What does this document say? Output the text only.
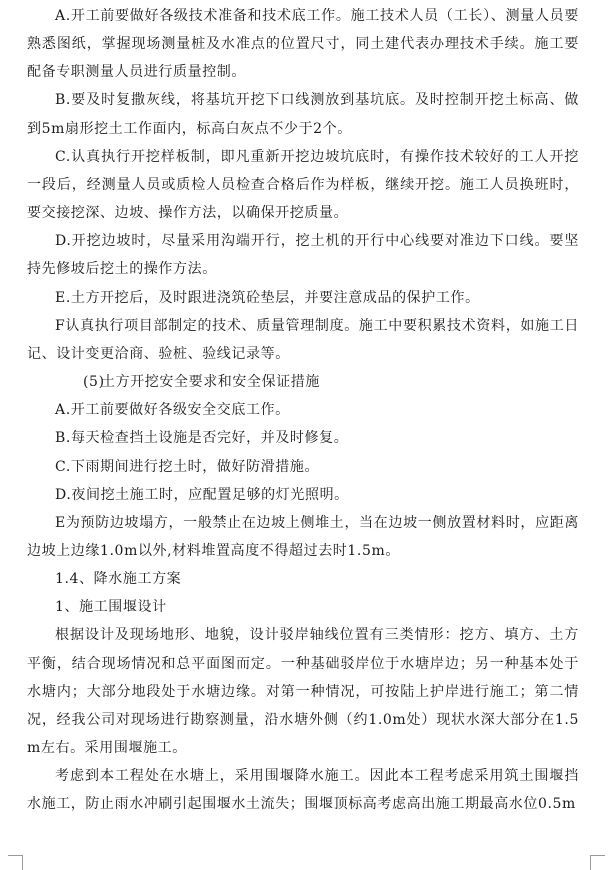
A.开工前要做好各级技术准备和技术底工作。施工技术人员（工长）、测量人员要熟悉图纸，掌握现场测量桩及水准点的位置尺寸，同土建代表办理技术手续。施工要配备专职测量人员进行质量控制。

B.要及时复撒灰线，将基坑开挖下口线测放到基坑底。及时控制开挖土标高、做到5m扇形挖土工作面内，标高白灰点不少于2个。

C.认真执行开挖样板制，即凡重新开挖边坡坑底时，有操作技术较好的工人开挖一段后，经测量人员或质检人员检查合格后作为样板，继续开挖。施工人员换班时，要交接挖深、边坡、操作方法，以确保开挖质量。

D.开挖边坡时，尽量采用沟端开行，挖土机的开行中心线要对准边下口线。要坚持先修坡后挖土的操作方法。

E.土方开挖后，及时跟进浇筑砼垫层，并要注意成品的保护工作。

F认真执行项目部制定的技术、质量管理制度。施工中要积累技术资料，如施工日记、设计变更洽商、验桩、验线记录等。

(5)土方开挖安全要求和安全保证措施

A.开工前要做好各级安全交底工作。

B.每天检查挡土设施是否完好，并及时修复。

C.下雨期间进行挖土时，做好防滑措施。

D.夜间挖土施工时，应配置足够的灯光照明。

E为预防边坡塌方，一般禁止在边坡上侧堆土，当在边坡一侧放置材料时，应距离边坡上边缘1.0m以外,材料堆置高度不得超过去时1.5m。

1.4、降水施工方案

1、施工围堰设计

根据设计及现场地形、地貌，设计驳岸轴线位置有三类情形：挖方、填方、土方平衡，结合现场情况和总平面图而定。一种基础驳岸位于水塘岸边；另一种基本处于水塘内；大部分地段处于水塘边缘。对第一种情况，可按陆上护岸进行施工；第二情况，经我公司对现场进行勘察测量，沿水塘外侧（约1.0m处）现状水深大部分在1.5m左右。采用围堰施工。

考虑到本工程处在水塘上，采用围堰降水施工。因此本工程考虑采用筑土围堰挡水施工，防止雨水冲刷引起围堰水土流失；围堰顶标高考虑高出施工期最高水位0.5m
